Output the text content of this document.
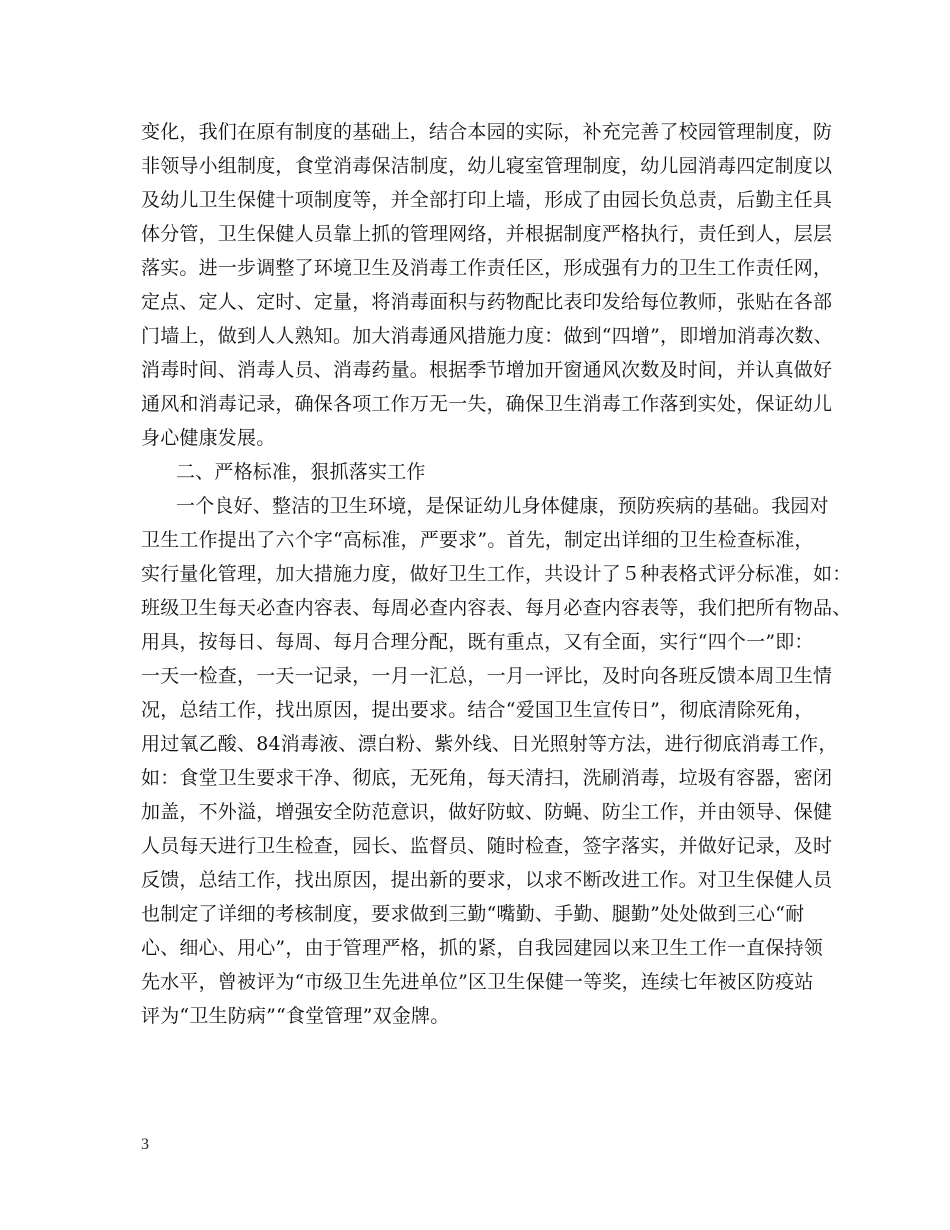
变化，我们在原有制度的基础上，结合本园的实际，补充完善了校园管理制度，防
非领导小组制度，食堂消毒保洁制度，幼儿寝室管理制度，幼儿园消毒四定制度以
及幼儿卫生保健十项制度等，并全部打印上墙，形成了由园长负总责，后勤主任具
体分管，卫生保健人员靠上抓的管理网络，并根据制度严格执行，责任到人，层层
落实。进一步调整了环境卫生及消毒工作责任区，形成强有力的卫生工作责任网，
定点、定人、定时、定量，将消毒面积与药物配比表印发给每位教师，张贴在各部
门墙上，做到人人熟知。加大消毒通风措施力度：做到“四增”，即增加消毒次数、
消毒时间、消毒人员、消毒药量。根据季节增加开窗通风次数及时间，并认真做好
通风和消毒记录，确保各项工作万无一失，确保卫生消毒工作落到实处，保证幼儿
身心健康发展。
二、严格标准，狠抓落实工作
一个良好、整洁的卫生环境，是保证幼儿身体健康，预防疾病的基础。我园对
卫生工作提出了六个字“高标准，严要求”。首先，制定出详细的卫生检查标准，
实行量化管理，加大措施力度，做好卫生工作，共设计了５种表格式评分标准，如：
班级卫生每天必查内容表、每周必查内容表、每月必查内容表等，我们把所有物品、
用具，按每日、每周、每月合理分配，既有重点，又有全面，实行“四个一”即：
一天一检查，一天一记录，一月一汇总，一月一评比，及时向各班反馈本周卫生情
况，总结工作，找出原因，提出要求。结合“爱国卫生宣传日”，彻底清除死角，
用过氧乙酸、84消毒液、漂白粉、紫外线、日光照射等方法，进行彻底消毒工作，
如：食堂卫生要求干净、彻底，无死角，每天清扫，洗刷消毒，垃圾有容器，密闭
加盖，不外溢，增强安全防范意识，做好防蚊、防蝇、防尘工作，并由领导、保健
人员每天进行卫生检查，园长、监督员、随时检查，签字落实，并做好记录，及时
反馈，总结工作，找出原因，提出新的要求，以求不断改进工作。对卫生保健人员
也制定了详细的考核制度，要求做到三勤“嘴勤、手勤、腿勤”处处做到三心“耐
心、细心、用心”，由于管理严格，抓的紧，自我园建园以来卫生工作一直保持领
先水平，曾被评为“市级卫生先进单位”区卫生保健一等奖，连续七年被区防疫站
评为“卫生防病”“食堂管理”双金牌。
3
